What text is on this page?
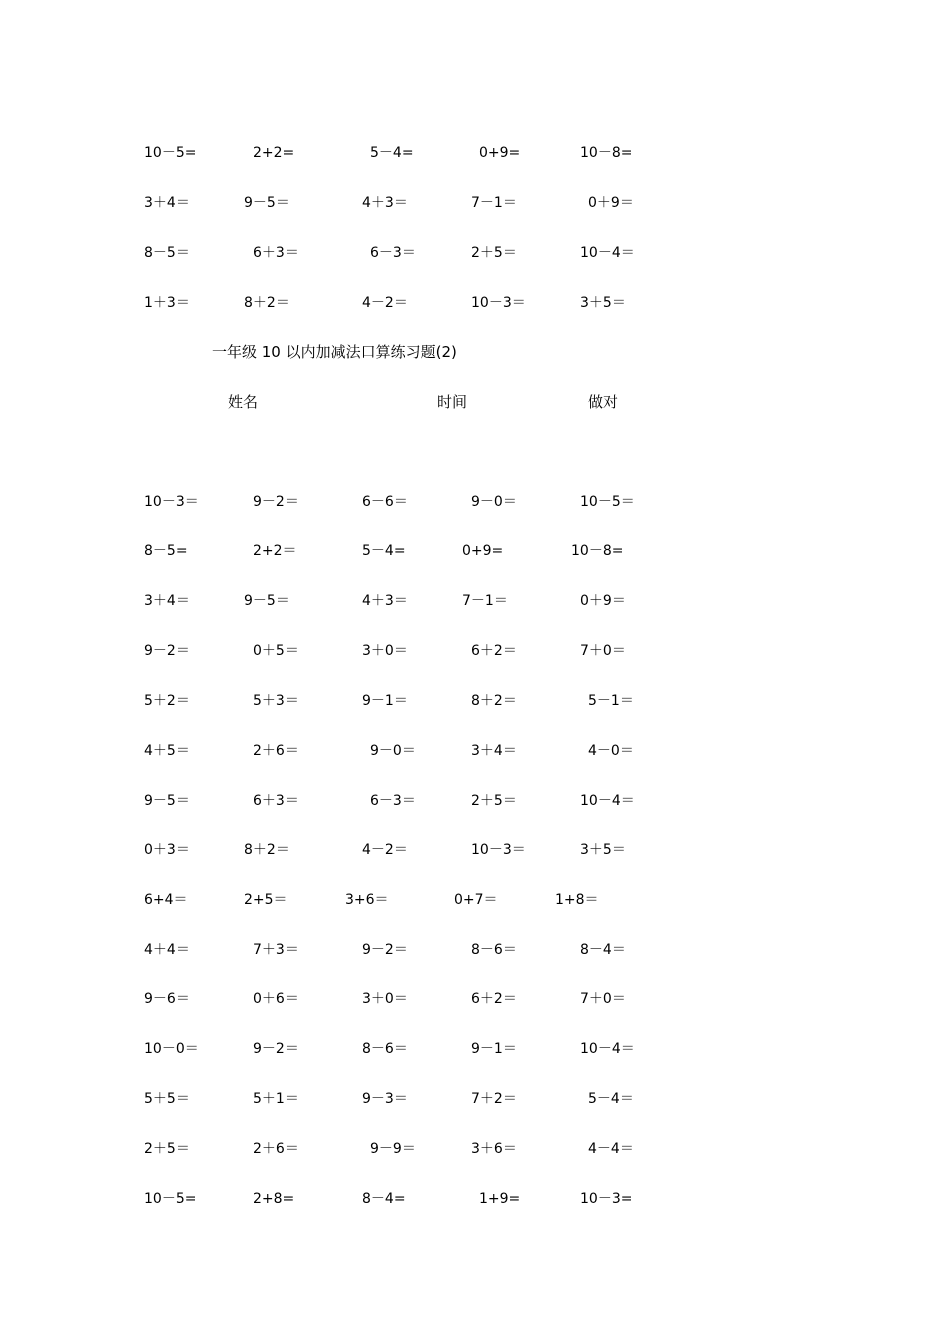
10－5=	2+2=	5－4=	0+9=	10－8=
3＋4＝	9－5＝	4＋3＝	7－1＝	0＋9＝
8－5＝	6＋3＝	6－3＝	2＋5＝	10－4＝
1＋3＝	8＋2＝	4－2＝	10－3＝	3＋5＝
一年级 10 以内加减法口算练习题(2)
姓名	时间	做对
10－3＝	9－2＝	6－6＝	9－0＝	10－5＝
8－5=	2+2＝	5－4=	0+9=	10－8=
3＋4＝	9－5＝	4＋3＝	7－1＝	0＋9＝
9－2＝	0＋5＝	3＋0＝	6＋2＝	7＋0＝
5＋2＝	5＋3＝	9－1＝	8＋2＝	5－1＝
4＋5＝	2＋6＝	9－0＝	3＋4＝	4－0＝
9－5＝	6＋3＝	6－3＝	2＋5＝	10－4＝
0＋3＝	8＋2＝	4－2＝	10－3＝	3＋5＝
6+4＝	2+5＝	3+6＝	0+7＝	1+8＝
4＋4＝	7＋3＝	9－2＝	8－6＝	8－4＝
9－6＝	0＋6＝	3＋0＝	6＋2＝	7＋0＝
10－0＝	9－2＝	8－6＝	9－1＝	10－4＝
5＋5＝	5＋1＝	9－3＝	7＋2＝	5－4＝
2＋5＝	2＋6＝	9－9＝	3＋6＝	4－4＝
10－5=	2+8=	8－4=	1+9=	10－3=
